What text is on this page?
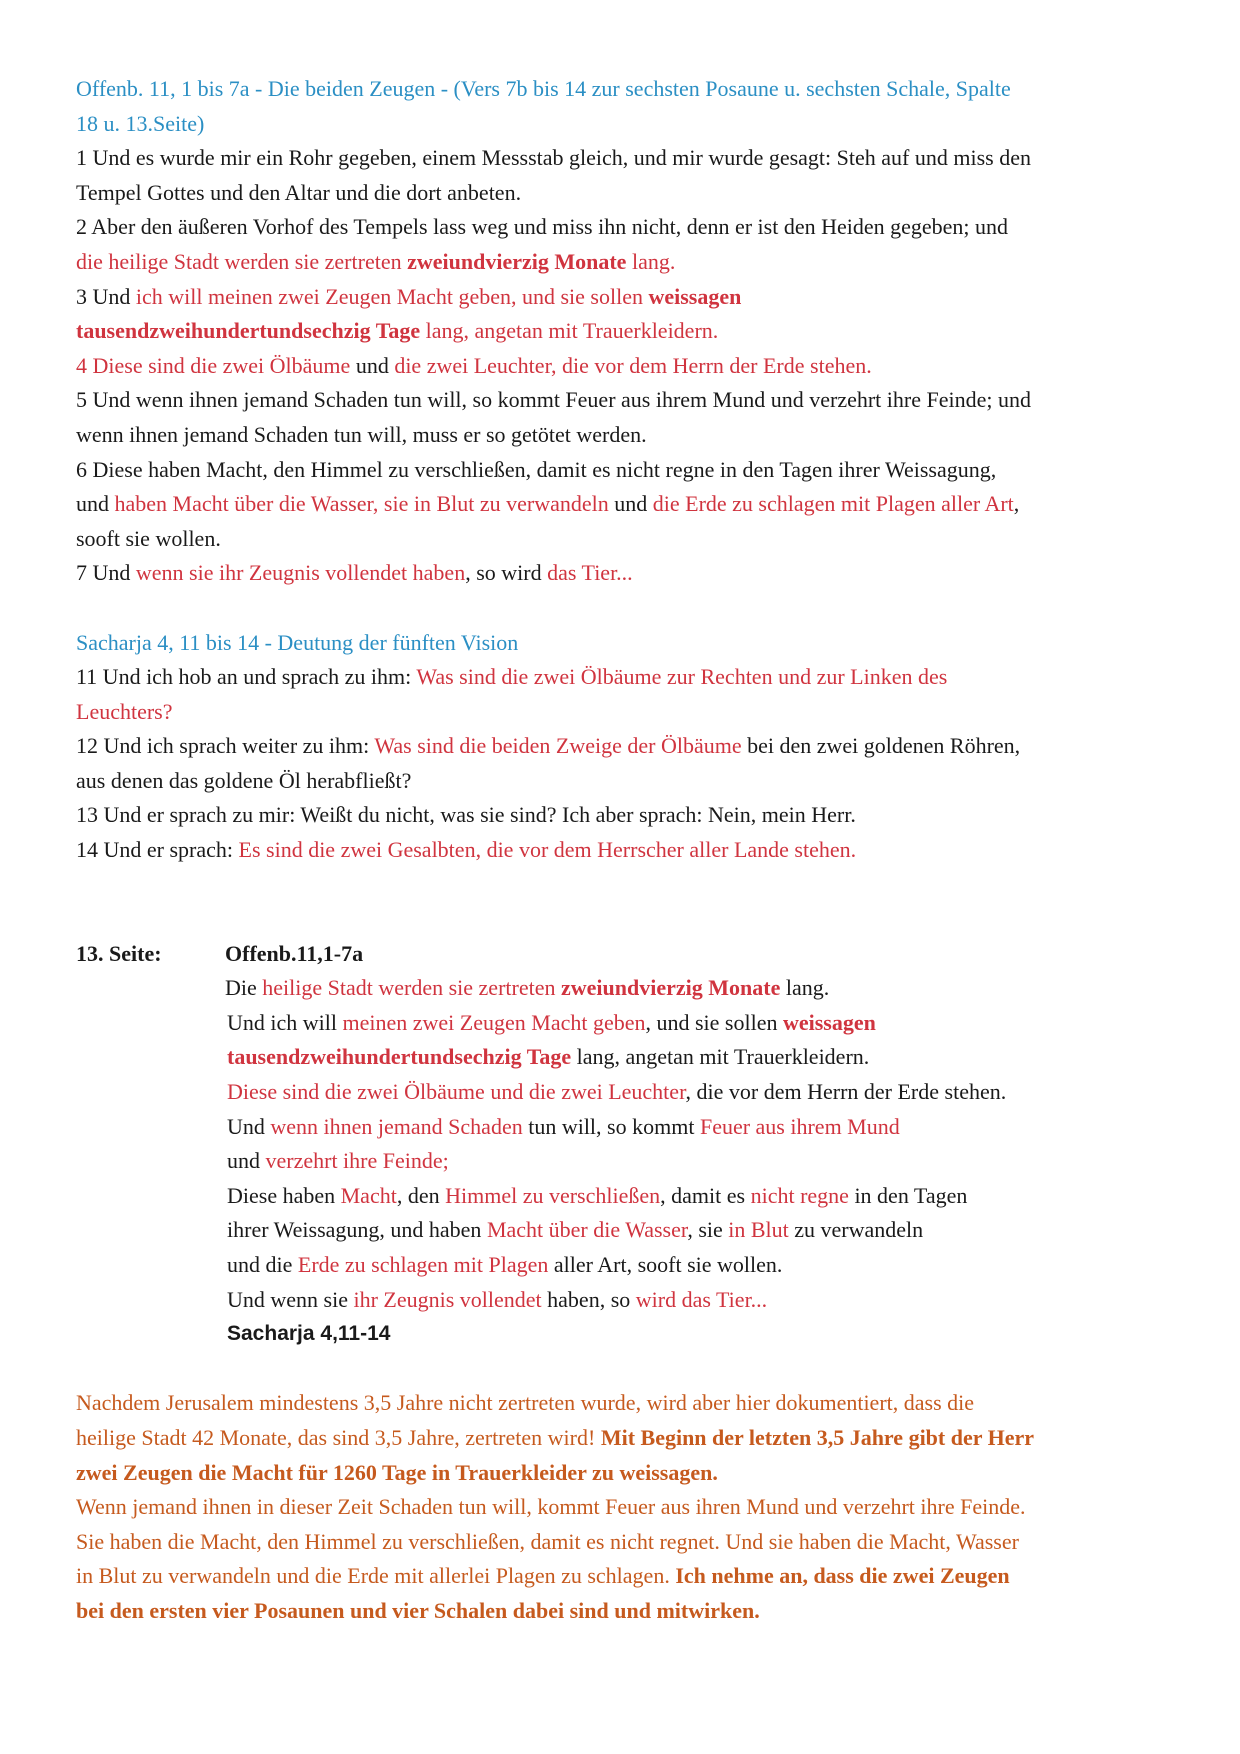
Offenb. 11, 1 bis 7a - Die beiden Zeugen - (Vers 7b bis 14 zur sechsten Posaune u. sechsten Schale, Spalte
18 u. 13.Seite)
1 Und es wurde mir ein Rohr gegeben, einem Messstab gleich, und mir wurde gesagt: Steh auf und miss den
Tempel Gottes und den Altar und die dort anbeten.
2 Aber den äußeren Vorhof des Tempels lass weg und miss ihn nicht, denn er ist den Heiden gegeben; und
die heilige Stadt werden sie zertreten zweiundvierzig Monate lang.
3 Und ich will meinen zwei Zeugen Macht geben, und sie sollen weissagen
tausendzweihundertundsechzig Tage lang, angetan mit Trauerkleidern.
4 Diese sind die zwei Ölbäume und die zwei Leuchter, die vor dem Herrn der Erde stehen.
5 Und wenn ihnen jemand Schaden tun will, so kommt Feuer aus ihrem Mund und verzehrt ihre Feinde; und
wenn ihnen jemand Schaden tun will, muss er so getötet werden.
6 Diese haben Macht, den Himmel zu verschließen, damit es nicht regne in den Tagen ihrer Weissagung,
und haben Macht über die Wasser, sie in Blut zu verwandeln und die Erde zu schlagen mit Plagen aller Art,
sooft sie wollen.
7 Und wenn sie ihr Zeugnis vollendet haben, so wird das Tier...
Sacharja 4, 11 bis 14 - Deutung der fünften Vision
11 Und ich hob an und sprach zu ihm: Was sind die zwei Ölbäume zur Rechten und zur Linken des
Leuchters?
12 Und ich sprach weiter zu ihm: Was sind die beiden Zweige der Ölbäume bei den zwei goldenen Röhren,
aus denen das goldene Öl herabfließt?
13 Und er sprach zu mir: Weißt du nicht, was sie sind? Ich aber sprach: Nein, mein Herr.
14 Und er sprach: Es sind die zwei Gesalbten, die vor dem Herrscher aller Lande stehen.
13. Seite:	Offenb.11,1-7a
Die heilige Stadt werden sie zertreten zweiundvierzig Monate lang.
Und ich will meinen zwei Zeugen Macht geben, und sie sollen weissagen
tausendzweihundertundsechzig Tage lang, angetan mit Trauerkleidern.
Diese sind die zwei Ölbäume und die zwei Leuchter, die vor dem Herrn der Erde stehen.
Und wenn ihnen jemand Schaden tun will, so kommt Feuer aus ihrem Mund
und verzehrt ihre Feinde;
Diese haben Macht, den Himmel zu verschließen, damit es nicht regne in den Tagen
ihrer Weissagung, und haben Macht über die Wasser, sie in Blut zu verwandeln
und die Erde zu schlagen mit Plagen aller Art, sooft sie wollen.
Und wenn sie ihr Zeugnis vollendet haben, so wird das Tier...
Sacharja 4,11-14
Nachdem Jerusalem mindestens 3,5 Jahre nicht zertreten wurde, wird aber hier dokumentiert, dass die
heilige Stadt 42 Monate, das sind 3,5 Jahre, zertreten wird! Mit Beginn der letzten 3,5 Jahre gibt der Herr
zwei Zeugen die Macht für 1260 Tage in Trauerkleider zu weissagen.
Wenn jemand ihnen in dieser Zeit Schaden tun will, kommt Feuer aus ihren Mund und verzehrt ihre Feinde.
Sie haben die Macht, den Himmel zu verschließen, damit es nicht regnet. Und sie haben die Macht, Wasser
in Blut zu verwandeln und die Erde mit allerlei Plagen zu schlagen. Ich nehme an, dass die zwei Zeugen
bei den ersten vier Posaunen und vier Schalen dabei sind und mitwirken.
